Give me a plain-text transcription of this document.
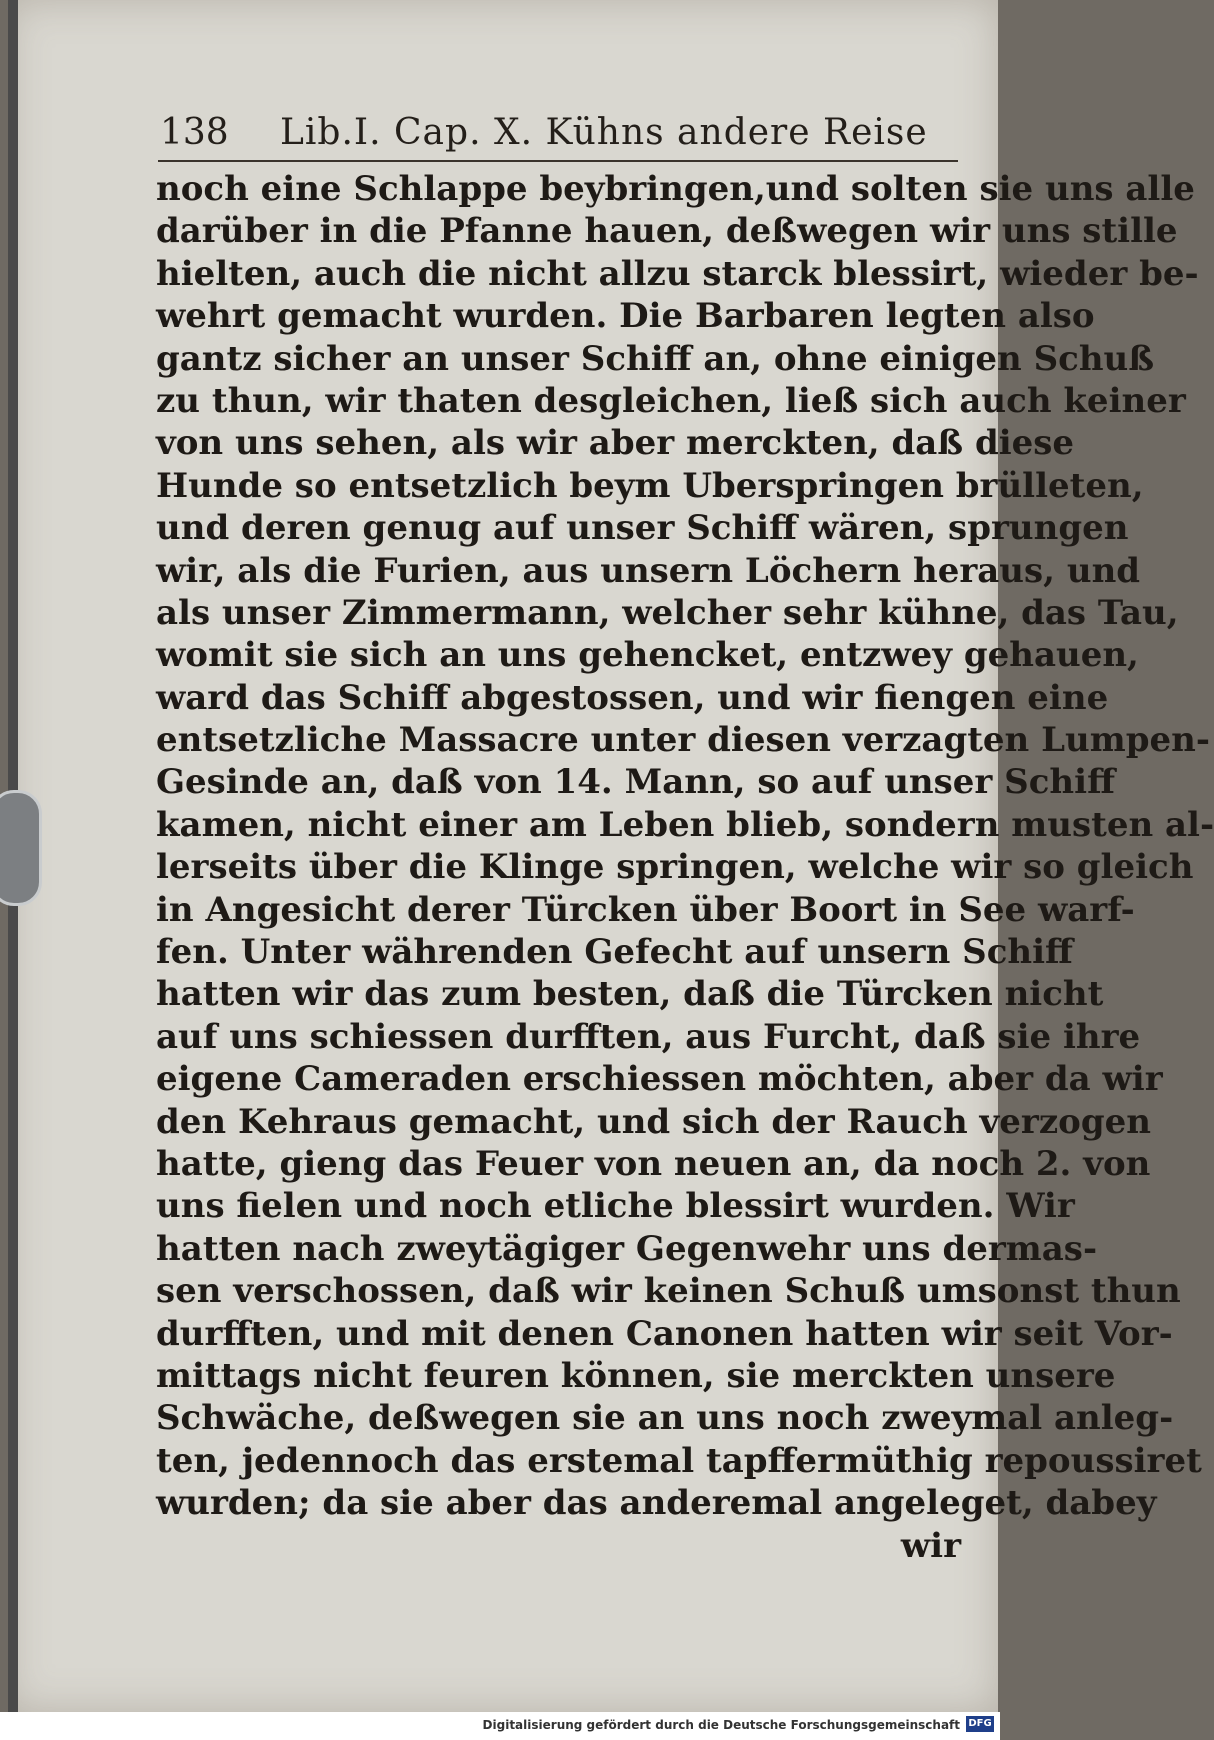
138 Lib.I. Cap. X. Kühns andere Reise
noch eine Schlappe beybringen,und solten sie uns alle
darüber in die Pfanne hauen, deßwegen wir uns stille
hielten, auch die nicht allzu starck blessirt, wieder be-
wehrt gemacht wurden. Die Barbaren legten also
gantz sicher an unser Schiff an, ohne einigen Schuß
zu thun, wir thaten desgleichen, ließ sich auch keiner
von uns sehen, als wir aber merckten, daß diese
Hunde so entsetzlich beym Uberspringen brülleten,
und deren genug auf unser Schiff wären, sprungen
wir, als die Furien, aus unsern Löchern heraus, und
als unser Zimmermann, welcher sehr kühne, das Tau,
womit sie sich an uns gehencket, entzwey gehauen,
ward das Schiff abgestossen, und wir fiengen eine
entsetzliche Massacre unter diesen verzagten Lumpen-
Gesinde an, daß von 14. Mann, so auf unser Schiff
kamen, nicht einer am Leben blieb, sondern musten al-
lerseits über die Klinge springen, welche wir so gleich
in Angesicht derer Türcken über Boort in See warf-
fen. Unter währenden Gefecht auf unsern Schiff
hatten wir das zum besten, daß die Türcken nicht
auf uns schiessen durfften, aus Furcht, daß sie ihre
eigene Cameraden erschiessen möchten, aber da wir
den Kehraus gemacht, und sich der Rauch verzogen
hatte, gieng das Feuer von neuen an, da noch 2. von
uns fielen und noch etliche blessirt wurden. Wir
hatten nach zweytägiger Gegenwehr uns dermas-
sen verschossen, daß wir keinen Schuß umsonst thun
durfften, und mit denen Canonen hatten wir seit Vor-
mittags nicht feuren können, sie merckten unsere
Schwäche, deßwegen sie an uns noch zweymal anleg-
ten, jedennoch das erstemal tapffermüthig repoussiret
wurden; da sie aber das anderemal angeleget, dabey
wir
Digitalisierung gefördert durch die Deutsche Forschungsgemeinschaft DFG
